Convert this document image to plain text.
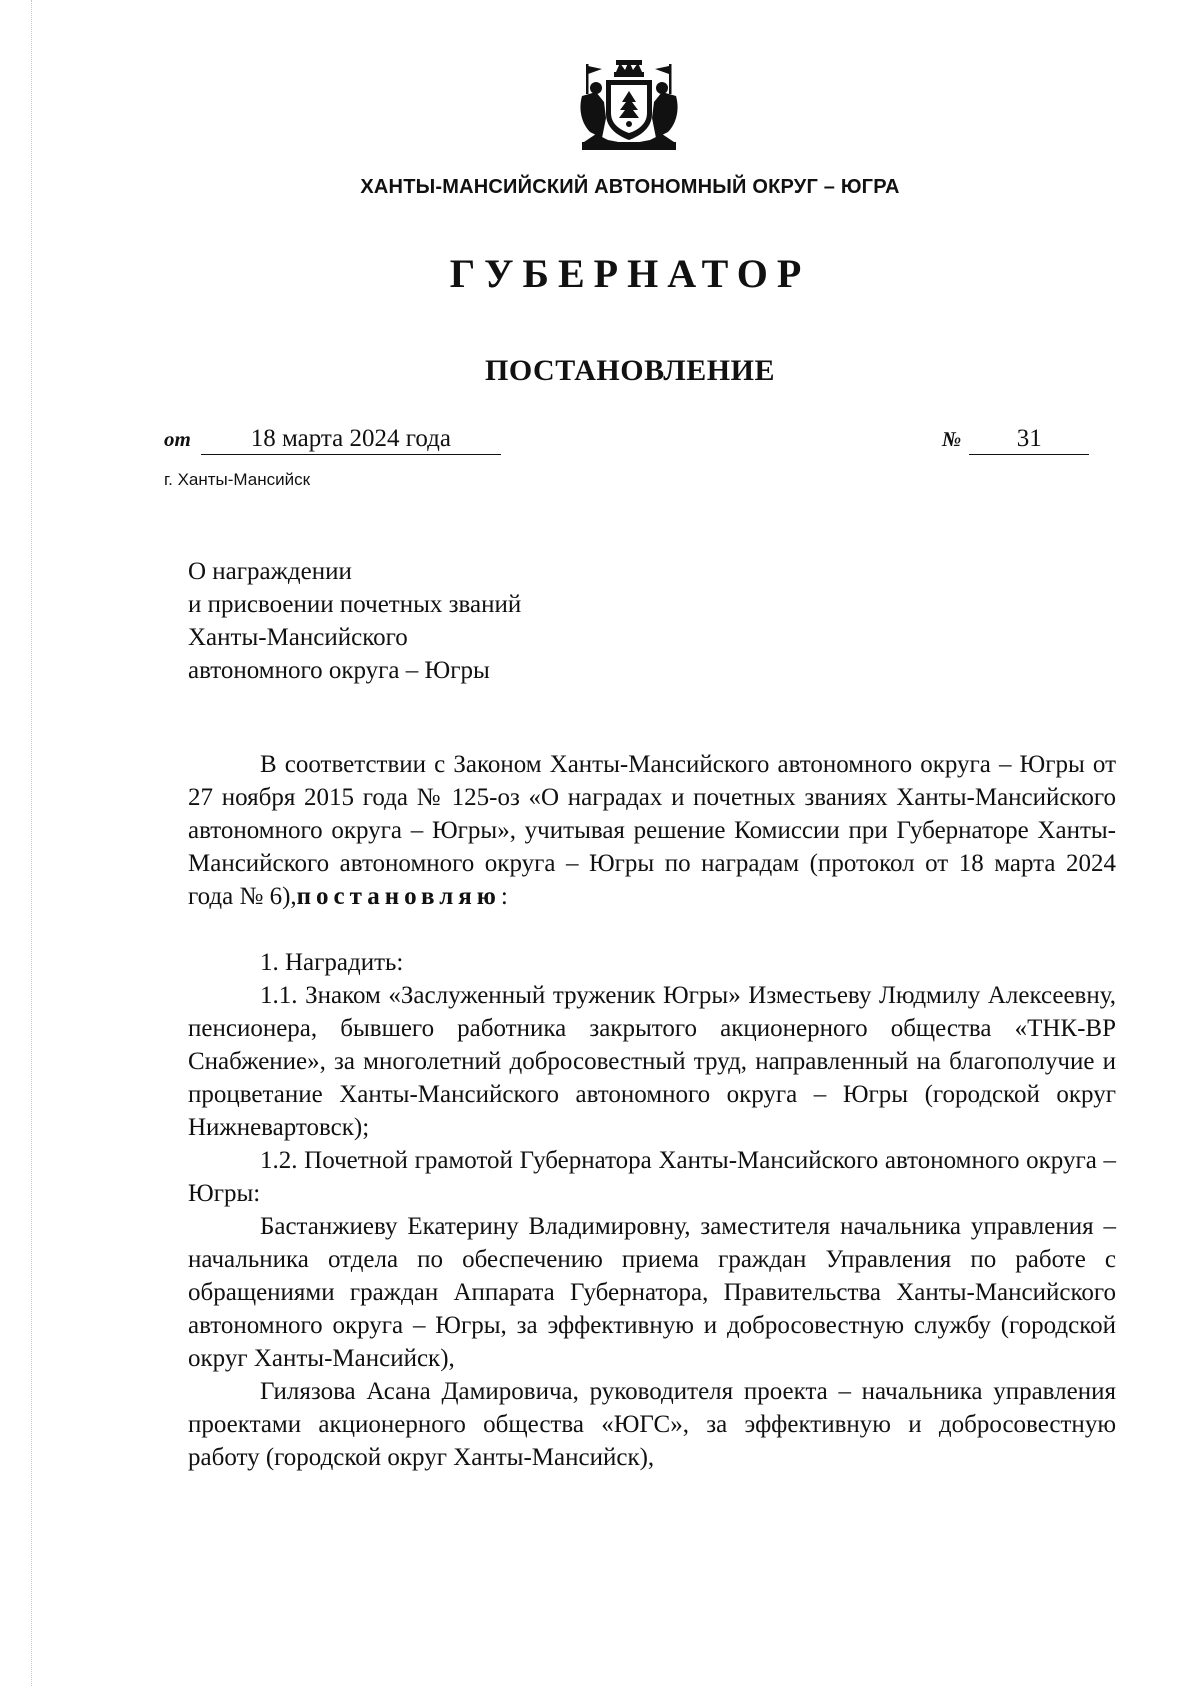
ХАНТЫ-МАНСИЙСКИЙ АВТОНОМНЫЙ ОКРУГ – ЮГРА
ГУБЕРНАТОР
ПОСТАНОВЛЕНИЕ
от 18 марта 2024 года	№ 31
г. Ханты-Мансийск
О награждении
и присвоении почетных званий
Ханты-Мансийского
автономного округа – Югры

В соответствии с Законом Ханты-Мансийского автономного округа – Югры от 27 ноября 2015 года № 125-оз «О наградах и почетных званиях Ханты-Мансийского автономного округа – Югры», учитывая решение Комиссии при Губернаторе Ханты-Мансийского автономного округа – Югры по наградам (протокол от 18 марта 2024 года № 6),постановляю:

1. Наградить:

1.1. Знаком «Заслуженный труженик Югры» Изместьеву Людмилу Алексеевну, пенсионера, бывшего работника закрытого акционерного общества «ТНК-ВР Снабжение», за многолетний добросовестный труд, направленный на благополучие и процветание Ханты-Мансийского автономного округа – Югры (городской округ Нижневартовск);

1.2. Почетной грамотой Губернатора Ханты-Мансийского автономного округа – Югры:

Бастанжиеву Екатерину Владимировну, заместителя начальника управления – начальника отдела по обеспечению приема граждан Управления по работе с обращениями граждан Аппарата Губернатора, Правительства Ханты-Мансийского автономного округа – Югры, за эффективную и добросовестную службу (городской округ Ханты-Мансийск),

Гилязова Асана Дамировича, руководителя проекта – начальника управления проектами акционерного общества «ЮГС», за эффективную и добросовестную работу (городской округ Ханты-Мансийск),
